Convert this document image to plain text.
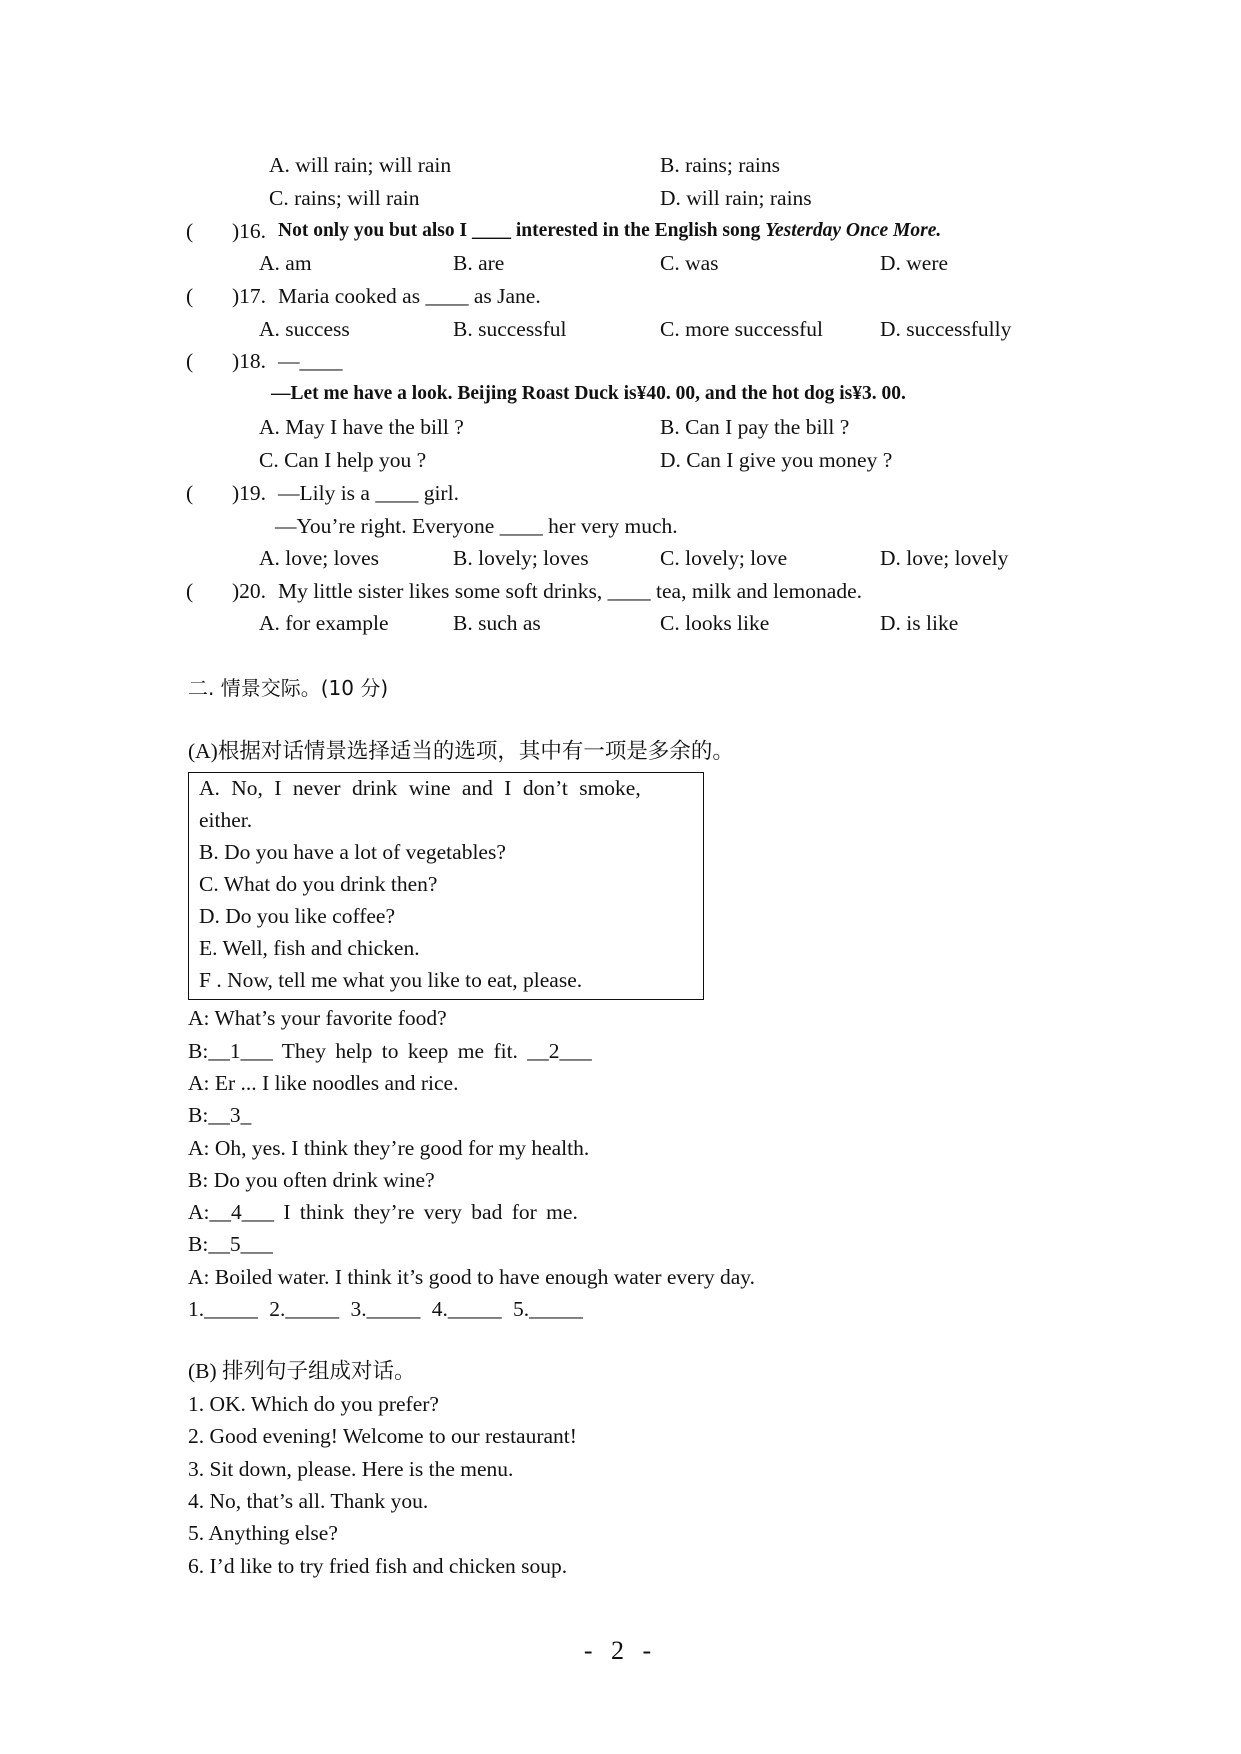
A. will rain; will rain	B. rains; rains
C. rains; will rain	D. will rain; rains
( )16. Not only you but also I ____ interested in the English song Yesterday Once More.
A. am	B. are	C. was	D. were
( )17. Maria cooked as ____ as Jane.
A. success	B. successful	C. more successful	D. successfully
( )18. —____
—Let me have a look. Beijing Roast Duck is¥40. 00, and the hot dog is¥3. 00.
A. May I have the bill ?	B. Can I pay the bill ?
C. Can I help you ?	D. Can I give you money ?
( )19. —Lily is a ____ girl.
—You’re right. Everyone ____ her very much.
A. love; loves	B. lovely; loves	C. lovely; love	D. love; lovely
( )20. My little sister likes some soft drinks, ____ tea, milk and lemonade.
A. for example	B. such as	C. looks like	D. is like
二. 情景交际。(10 分)
(A)根据对话情景选择适当的选项，其中有一项是多余的。
A. No, I never drink wine and I don’t smoke,
either.
B. Do you have a lot of vegetables?
C. What do you drink then?
D. Do you like coffee?
E. Well, fish and chicken.
F . Now, tell me what you like to eat, please.
A: What’s your favorite food?
B:__1___ They help to keep me fit. __2___
A: Er ... I like noodles and rice.
B:__3_
A: Oh, yes. I think they’re good for my health.
B: Do you often drink wine?
A:__4___ I think they’re very bad for me.
B:__5___
A: Boiled water. I think it’s good to have enough water every day.
1._____ 2._____ 3._____ 4._____ 5._____
(B) 排列句子组成对话。
1. OK. Which do you prefer?
2. Good evening! Welcome to our restaurant!
3. Sit down, please. Here is the menu.
4. No, that’s all. Thank you.
5. Anything else?
6. I’d like to try fried fish and chicken soup.
- 2 -
